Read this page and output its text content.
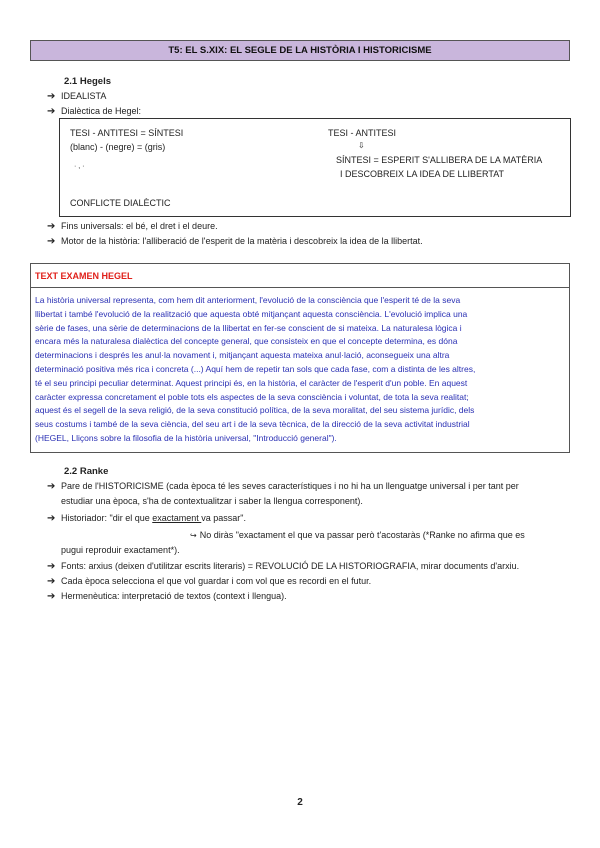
T5: EL S.XIX: EL SEGLE DE LA HISTÒRIA I HISTORICISME
2.1 Hegels
➔ IDEALISTA
➔ Dialèctica de Hegel:
TESI - ANTITESI = SÍNTESI
(blanc) - (negre) = (gris)
· , ·
CONFLICTE DIALÈCTIC
TESI - ANTITESI
⇩
SÍNTESI = ESPERIT S'ALLIBERA DE LA MATÈRIA
I DESCOBREIX LA IDEA DE LLIBERTAT
➔ Fins universals: el bé, el dret i el deure.
➔ Motor de la història: l'alliberació de l'esperit de la matèria i descobreix la idea de la llibertat.
TEXT EXAMEN HEGEL
La història universal representa, com hem dit anteriorment, l'evolució de la consciència que l'esperit té de la seva
llibertat i també l'evolució de la realització que aquesta obté mitjançant aquesta consciència. L'evolució implica una
sèrie de fases, una sèrie de determinacions de la llibertat en fer-se conscient de si mateixa. La naturalesa lògica i
encara més la naturalesa dialèctica del concepte general, que consisteix en que el concepte determina, es dóna
determinacions i després les anul·la novament i, mitjançant aquesta mateixa anul·lació, aconsegueix una altra
determinació positiva més rica i concreta (...) Aquí hem de repetir tan sols que cada fase, com a distinta de les altres,
té el seu principi peculiar determinat. Aquest principi és, en la història, el caràcter de l'esperit d'un poble. En aquest
caràcter expressa concretament el poble tots els aspectes de la seva consciència i voluntat, de tota la seva realitat;
aquest és el segell de la seva religió, de la seva constitució política, de la seva moralitat, del seu sistema jurídic, dels
seus costums i també de la seva ciència, del seu art i de la seva tècnica, de la direcció de la seva activitat industrial
(HEGEL, Lliçons sobre la filosofia de la història universal, "Introducció general").
2.2 Ranke
➔ Pare de l'HISTORICISME (cada època té les seves característiques i no hi ha un llenguatge universal i per tant per
estudiar una època, s'ha de contextualitzar i saber la llengua corresponent).
➔ Historiador: "dir el que exactament va passar".
↪ No diràs "exactament el que va passar però t'acostaràs (*Ranke no afirma que es
pugui reproduir exactament*).
➔ Fonts: arxius (deixen d'utilitzar escrits literaris) = REVOLUCIÓ DE LA HISTORIOGRAFIA, mirar documents d'arxiu.
➔ Cada època selecciona el que vol guardar i com vol que es recordi en el futur.
➔ Hermenèutica: interpretació de textos (context i llengua).
2
